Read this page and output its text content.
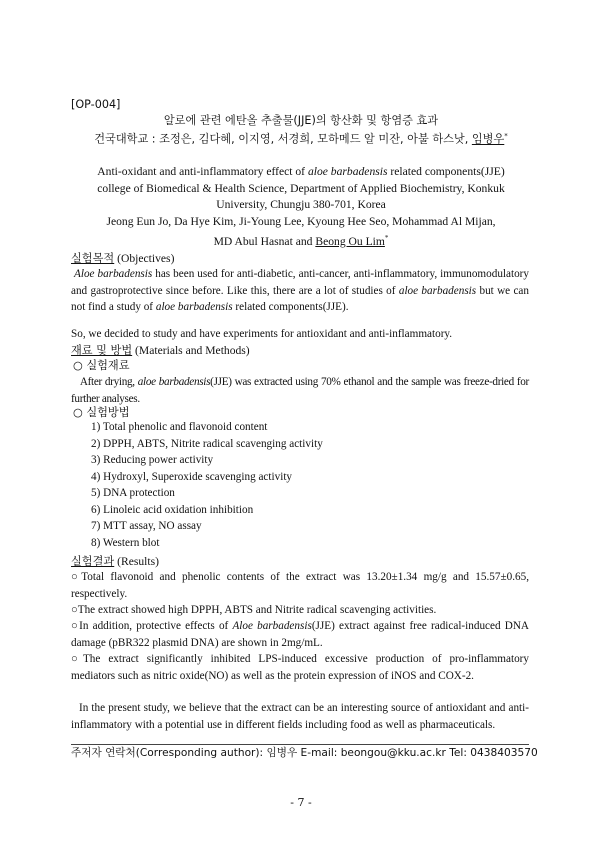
[OP-004]
알로에 관련 에탄올 추출물(JJE)의 항산화 및 항염증 효과
건국대학교 : 조정은, 김다혜, 이지영, 서경희, 모하메드 알 미잔, 아불 하스낫, 임병우*
Anti-oxidant and anti-inflammatory effect of aloe barbadensis related components(JJE)
college of Biomedical & Health Science, Department of Applied Biochemistry, Konkuk
University, Chungju 380-701, Korea
Jeong Eun Jo, Da Hye Kim, Ji-Young Lee, Kyoung Hee Seo, Mohammad Al Mijan,
MD Abul Hasnat and Beong Ou Lim*
실험목적 (Objectives)
Aloe barbadensis has been used for anti-diabetic, anti-cancer, anti-inflammatory, immunomodulatory and gastroprotective since before. Like this, there are a lot of studies of aloe barbadensis but we can not find a study of aloe barbadensis related components(JJE).
So, we decided to study and have experiments for antioxidant and anti-inflammatory.
재료 및 방법 (Materials and Methods)
○ 실험재료
After drying, aloe barbadensis(JJE) was extracted using 70% ethanol and the sample was freeze-dried for further analyses.
○ 실험방법
1) Total phenolic and flavonoid content
2) DPPH, ABTS, Nitrite radical scavenging activity
3) Reducing power activity
4) Hydroxyl, Superoxide scavenging activity
5) DNA protection
6) Linoleic acid oxidation inhibition
7) MTT assay, NO assay
8) Western blot
실험결과 (Results)
○Total flavonoid and phenolic contents of the extract was 13.20±1.34 mg/g and 15.57±0.65, respectively.
○The extract showed high DPPH, ABTS and Nitrite radical scavenging activities.
○In addition, protective effects of Aloe barbadensis(JJE) extract against free radical-induced DNA damage (pBR322 plasmid DNA) are shown in 2mg/mL.
○The extract significantly inhibited LPS-induced excessive production of pro-inflammatory mediators such as nitric oxide(NO) as well as the protein expression of iNOS and COX-2.
In the present study, we believe that the extract can be an interesting source of antioxidant and anti-inflammatory with a potential use in different fields including food as well as pharmaceuticals.
주저자 연락처(Corresponding author): 임병우 E-mail: beongou@kku.ac.kr Tel: 0438403570
- 7 -
